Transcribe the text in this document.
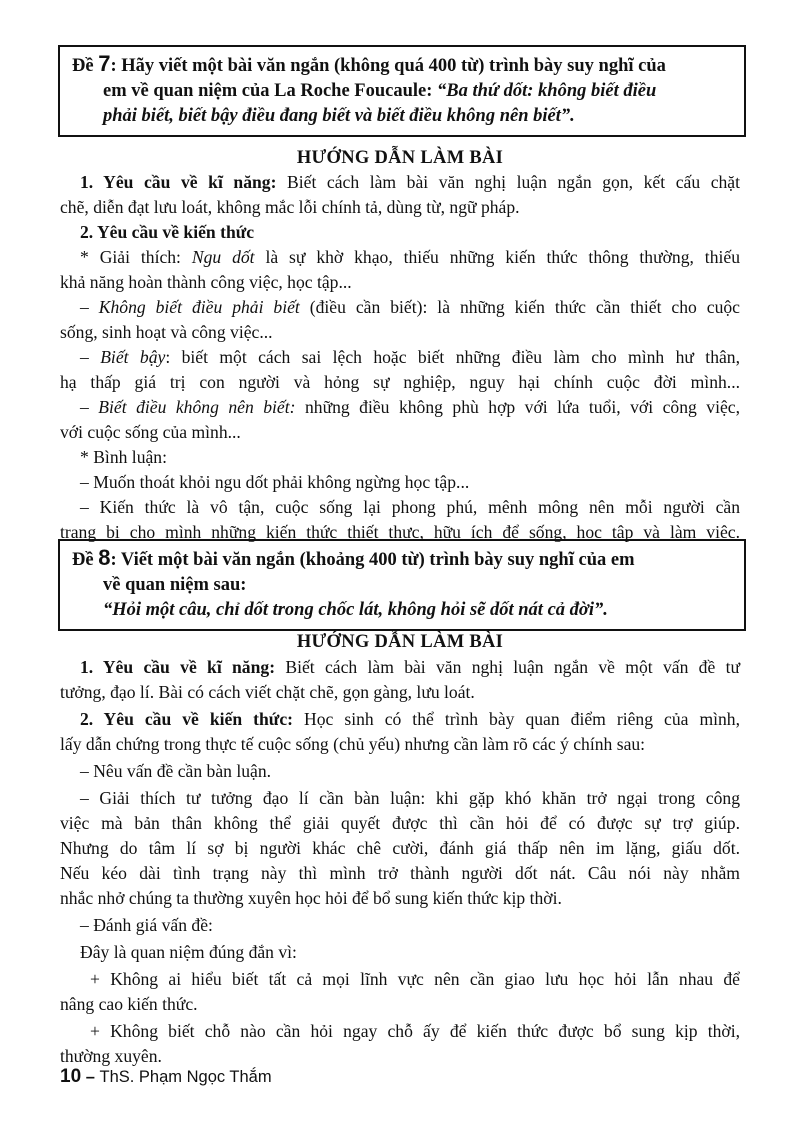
Đề 7: Hãy viết một bài văn ngắn (không quá 400 từ) trình bày suy nghĩ của
em về quan niệm của La Roche Foucaule: “Ba thứ dốt: không biết điều
phải biết, biết bậy điều đang biết và biết điều không nên biết”.
HƯỚNG DẪN LÀM BÀI
1. Yêu cầu về kĩ năng: Biết cách làm bài văn nghị luận ngắn gọn, kết cấu chặt
chẽ, diễn đạt lưu loát, không mắc lỗi chính tả, dùng từ, ngữ pháp.
2. Yêu cầu về kiến thức
* Giải thích: Ngu dốt là sự khờ khạo, thiếu những kiến thức thông thường, thiếu
khả năng hoàn thành công việc, học tập...
– Không biết điều phải biết (điều cần biết): là những kiến thức cần thiết cho cuộc
sống, sinh hoạt và công việc...
– Biết bậy: biết một cách sai lệch hoặc biết những điều làm cho mình hư thân,
hạ thấp giá trị con người và hỏng sự nghiệp, nguy hại chính cuộc đời mình...
– Biết điều không nên biết: những điều không phù hợp với lứa tuổi, với công việc,
với cuộc sống của mình...
* Bình luận:
– Muốn thoát khỏi ngu dốt phải không ngừng học tập...
– Kiến thức là vô tận, cuộc sống lại phong phú, mênh mông nên mỗi người cần
trang bị cho mình những kiến thức thiết thực, hữu ích để sống, học tập và làm việc.
Đề 8: Viết một bài văn ngắn (khoảng 400 từ) trình bày suy nghĩ của em
về quan niệm sau:
“Hỏi một câu, chỉ dốt trong chốc lát, không hỏi sẽ dốt nát cả đời”.
HƯỚNG DẪN LÀM BÀI
1. Yêu cầu về kĩ năng: Biết cách làm bài văn nghị luận ngắn về một vấn đề tư
tưởng, đạo lí. Bài có cách viết chặt chẽ, gọn gàng, lưu loát.
2. Yêu cầu về kiến thức: Học sinh có thể trình bày quan điểm riêng của mình,
lấy dẫn chứng trong thực tế cuộc sống (chủ yếu) nhưng cần làm rõ các ý chính sau:
– Nêu vấn đề cần bàn luận.
– Giải thích tư tưởng đạo lí cần bàn luận: khi gặp khó khăn trở ngại trong công
việc mà bản thân không thể giải quyết được thì cần hỏi để có được sự trợ giúp.
Nhưng do tâm lí sợ bị người khác chê cười, đánh giá thấp nên im lặng, giấu dốt.
Nếu kéo dài tình trạng này thì mình trở thành người dốt nát. Câu nói này nhằm
nhắc nhở chúng ta thường xuyên học hỏi để bổ sung kiến thức kịp thời.
– Đánh giá vấn đề:
Đây là quan niệm đúng đắn vì:
+ Không ai hiểu biết tất cả mọi lĩnh vực nên cần giao lưu học hỏi lẫn nhau để
nâng cao kiến thức.
+ Không biết chỗ nào cần hỏi ngay chỗ ấy để kiến thức được bổ sung kịp thời,
thường xuyên.
10 – ThS. Phạm Ngọc Thắm
